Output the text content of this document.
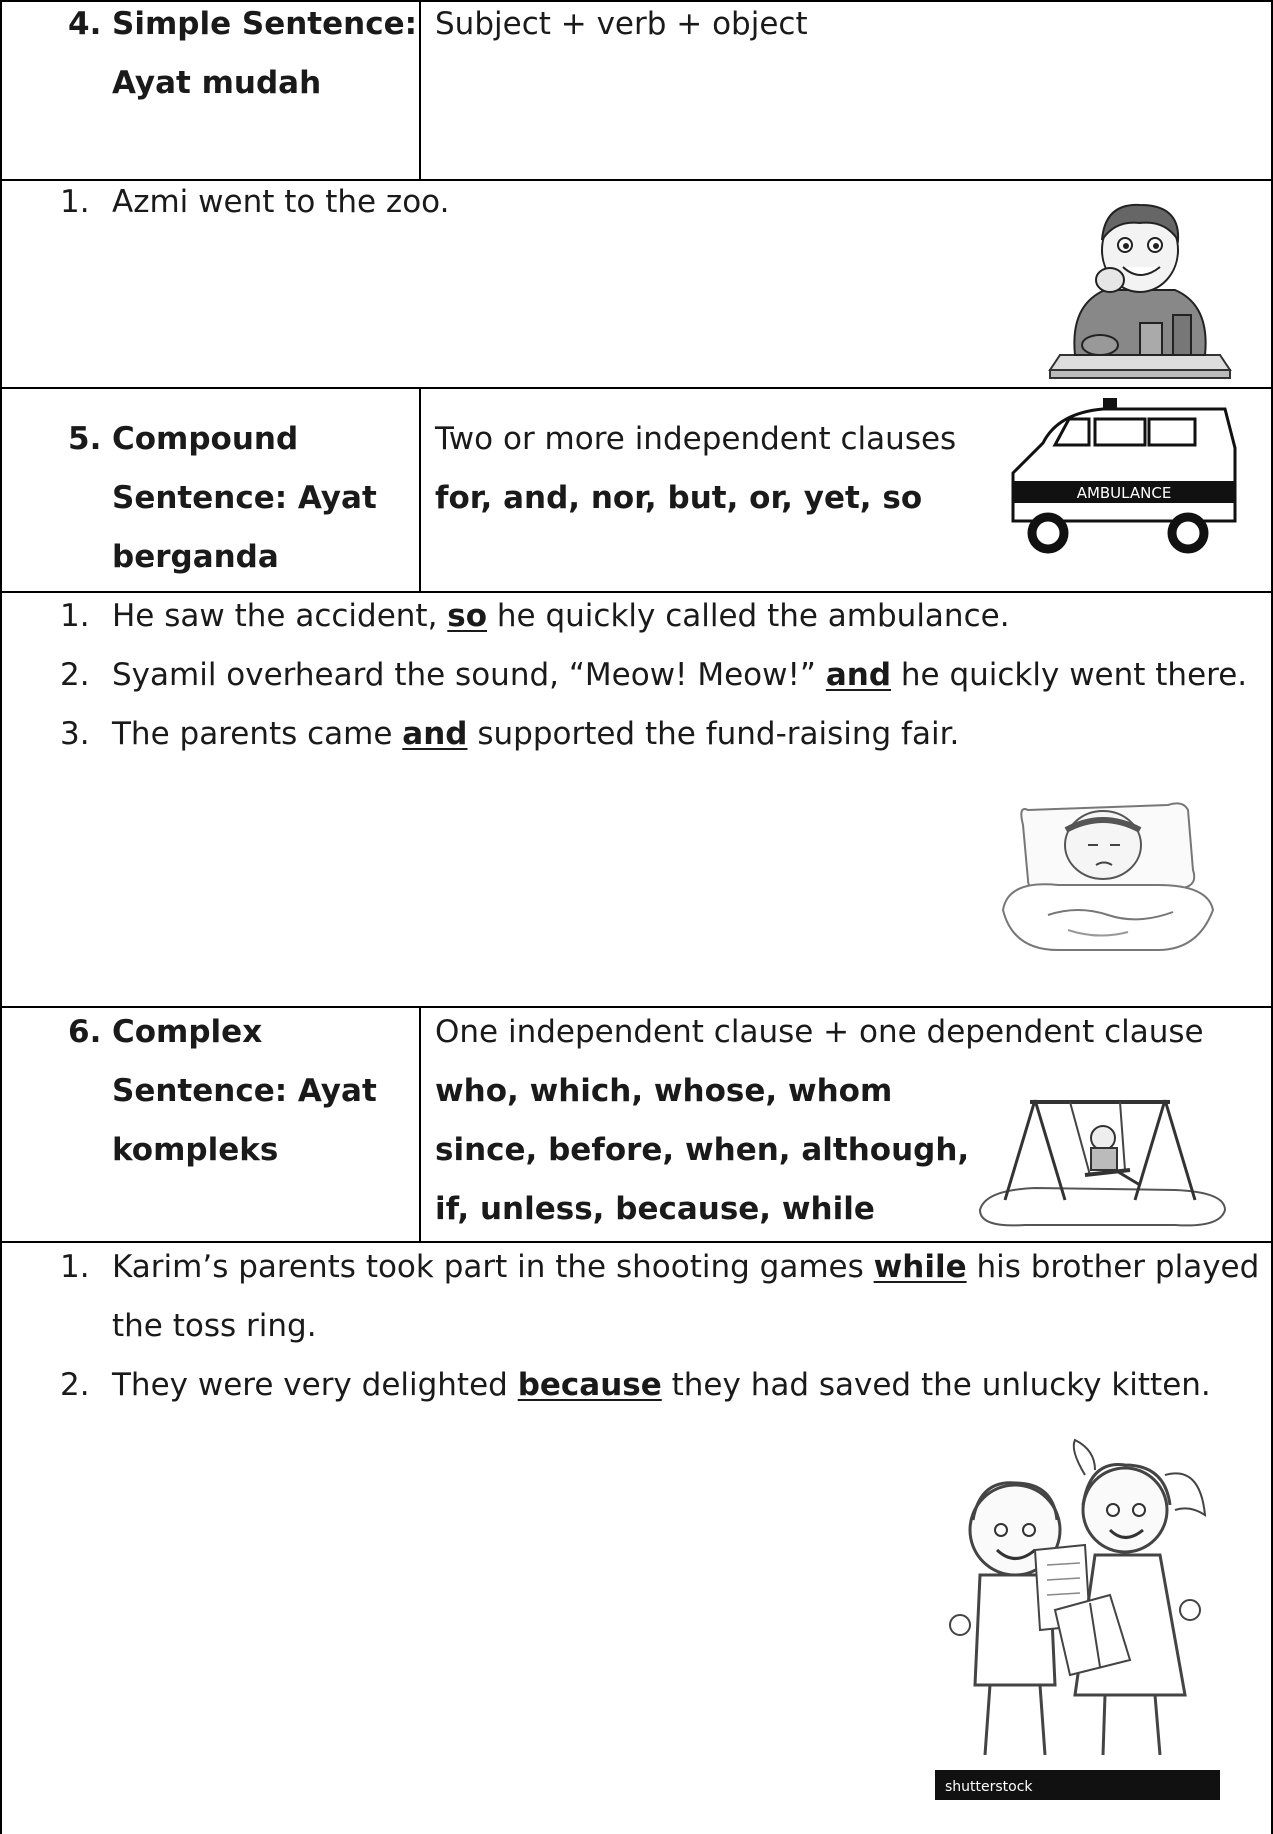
4. Simple Sentence:
Ayat mudah
Subject + verb + object
1. Azmi went to the zoo.
5. Compound
Sentence: Ayat
berganda
Two or more independent clauses
for, and, nor, but, or, yet, so	AMBULANCE
1. He saw the accident, so he quickly called the ambulance.
2. Syamil overheard the sound, “Meow! Meow!” and he quickly went there.
3. The parents came and supported the fund-raising fair.
6. Complex
Sentence: Ayat
kompleks
One independent clause + one dependent clause
who, which, whose, whom
since, before, when, although,
if, unless, because, while
1. Karim’s parents took part in the shooting games while his brother played
the toss ring.
2. They were very delighted because they had saved the unlucky kitten.
shutterstock
